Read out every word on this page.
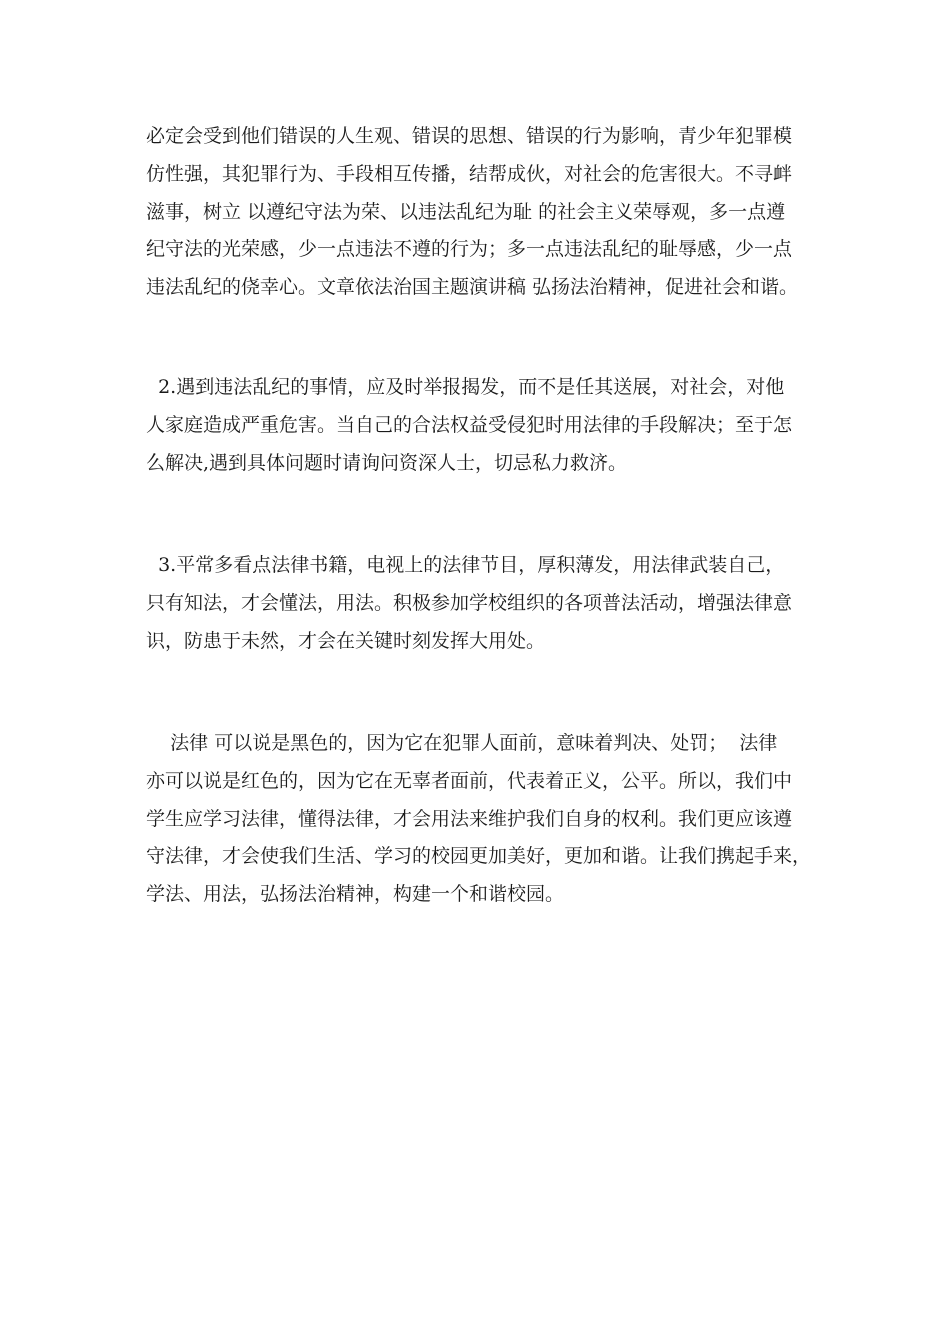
必定会受到他们错误的人生观、错误的思想、错误的行为影响，青少年犯罪模
仿性强，其犯罪行为、手段相互传播，结帮成伙，对社会的危害很大。不寻衅
滋事，树立 以遵纪守法为荣、以违法乱纪为耻 的社会主义荣辱观，多一点遵
纪守法的光荣感，少一点违法不遵的行为；多一点违法乱纪的耻辱感，少一点
违法乱纪的侥幸心。文章依法治国主题演讲稿 弘扬法治精神，促进社会和谐。

2.遇到违法乱纪的事情，应及时举报揭发，而不是任其送展，对社会，对他
人家庭造成严重危害。当自己的合法权益受侵犯时用法律的手段解决；至于怎
么解决,遇到具体问题时请询问资深人士，切忌私力救济。

3.平常多看点法律书籍，电视上的法律节目，厚积薄发，用法律武装自己，
只有知法，才会懂法，用法。积极参加学校组织的各项普法活动，增强法律意
识，防患于未然，才会在关键时刻发挥大用处。

法律 可以说是黑色的，因为它在犯罪人面前，意味着判决、处罚；  法律
亦可以说是红色的，因为它在无辜者面前，代表着正义，公平。所以，我们中
学生应学习法律，懂得法律，才会用法来维护我们自身的权利。我们更应该遵
守法律，才会使我们生活、学习的校园更加美好，更加和谐。让我们携起手来，
学法、用法，弘扬法治精神，构建一个和谐校园。
